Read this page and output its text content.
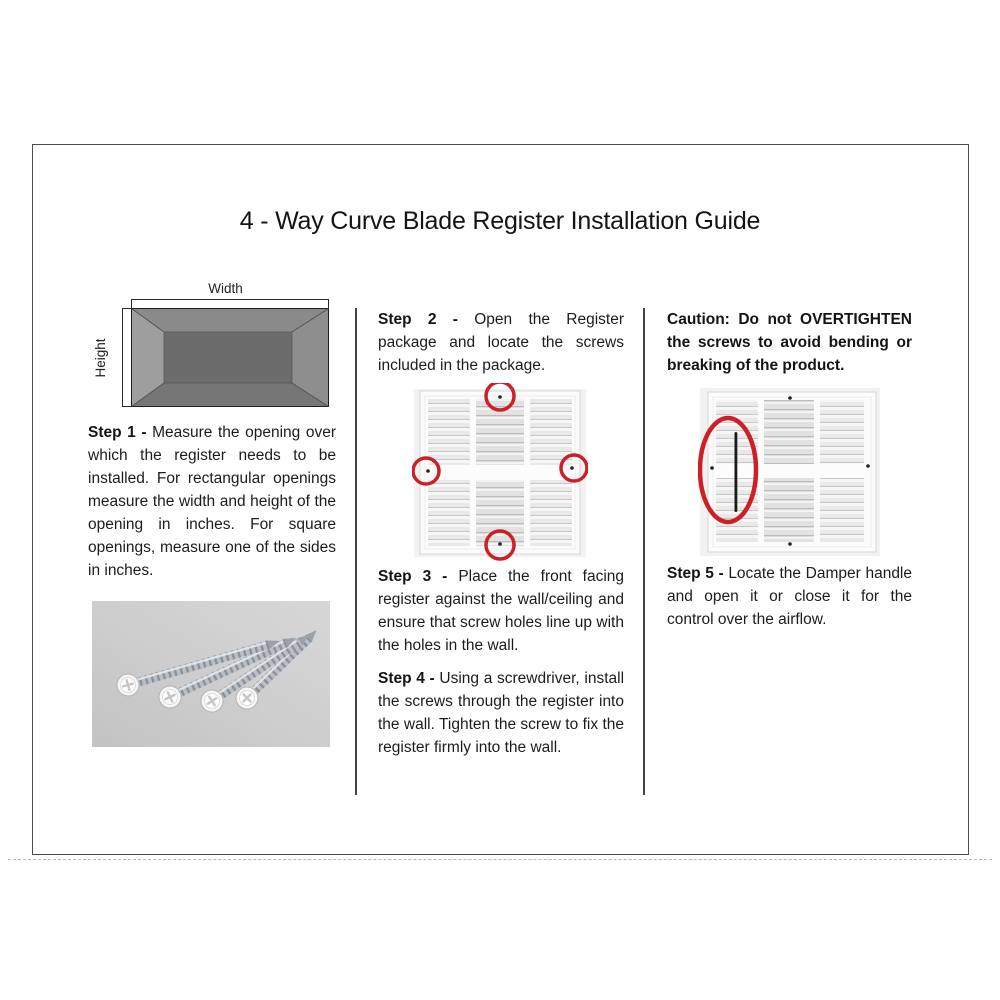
4 - Way Curve Blade Register Installation Guide
Width
Height

Step 1 - Measure the opening over which the register needs to be installed. For rectangular openings measure the width and height of the opening in inches. For square openings, measure one of the sides in inches.

Step 2 - Open the Register package and locate the screws included in the package.

Step 3 - Place the front facing register against the wall/ceiling and ensure that screw holes line up with the holes in the wall.

Step 4 - Using a screwdriver, install the screws through the register into the wall. Tighten the screw to fix the register firmly into the wall.

Caution: Do not OVERTIGHTEN the screws to avoid bending or breaking of the product.

Step 5 - Locate the Damper handle and open it or close it for the control over the airflow.
